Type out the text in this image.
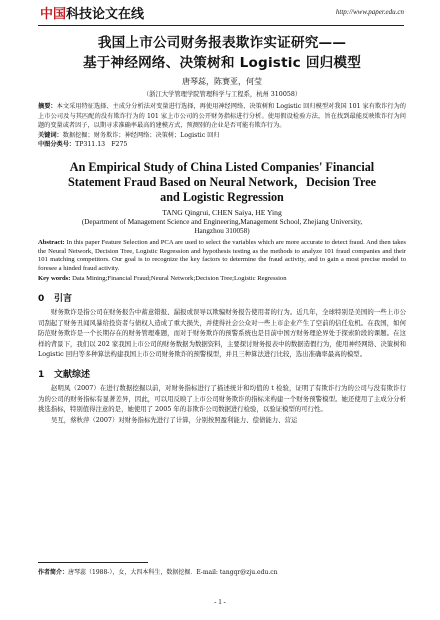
中国科技论文在线	http://www.paper.edu.cn
我国上市公司财务报表欺诈实证研究——
基于神经网络、决策树和 Logistic 回归模型
唐琴蕊，陈赛亚，何莹
（浙江大学管理学院管理科学与工程系，杭州 310058）
摘要：本文采用特征选择、主成分分析法对变量进行选择，再使用神经网络、决策树和 Logistic 回归模型对我国 101 家有欺诈行为的上市公司及与其匹配的没有欺诈行为的 101 家上市公司的公开财务指标进行分析。使用假设检验方法，旨在找到最能反映欺诈行为问题的变量或者因子，以期寻求准确率最高的建模方式，预测别的企业是否可能有欺诈行为。
关键词：数据挖掘；财务欺诈；神经网络；决策树；Logistic 回归
中图分类号：TP311.13　F275
An Empirical Study of China Listed Companies' Financial
Statement Fraud Based on Neural Network，Decision Tree
and Logistic Regression
TANG Qingrui, CHEN Saiya, HE Ying
(Department of Management Science and Engineering,Management School, Zhejiang University,
Hangzhou 310058)
Abstract: In this paper Feature Selection and PCA are used to select the variables which are more accurate to detect fraud. And then takes the Neural Network, Decision Tree, Logistic Regression and hypothesis testing as the methods to analyze 101 fraud companies and their 101 matching competitors. Our goal is to recognize the key factors to determine the fraud activity, and to gain a most precise model to foresee a hinded fraud activity.
Key words: Data Mining;Financial Fraud;Neural Network;Decision Tree;Logistic Regression
0 引言
财务欺诈是指公司在财务报告中蓄意错报、漏报或误导以欺骗财务报告使用者的行为。近几年，全球特别是美国的一些上市公司刮起了财务丑闻风暴给投资者与债权人造成了重大损失，并使得社会公众对一些上市企业产生了空前的信任危机。在我国，如何防范财务欺诈是一个长期存在的财务管理难题，而对于财务欺诈的预警系统也是目前中国方财务理论界处于探索阶段的课题。在这样的背景下，我们以 202 家我国上市公司的财务数据为数据资料，主要探讨财务报表中的数据造假行为，使用神经网络、决策树和 Logistic 回归等多种算法构建我国上市公司财务欺诈的预警模型，并且三种算法进行比较，选出准确率最高的模型。
1 文献综述
赵明凤（2007）在进行数据挖掘以前，对财务指标进行了描述统计和均值的 t 检验，证明了有欺诈行为的公司与没有欺诈行为的公司的财务指标有显著差异，因此，可以用反映了上市公司财务欺诈的指标来构建一个财务预警模型。她还使用了主成分分析挑选指标，特别值得注意的是，她使用了 2005 年的非欺诈公司数据进行检验，以验证模型的可行性。
吴互，蔡秋萍（2007）对财务指标先进行了计算，分别按照盈利能力、偿债能力、营运
作者简介：唐琴蕊（1988-），女，大四本科生，数据挖掘．E-mail: tangqr@zju.edu.cn
- 1 -
